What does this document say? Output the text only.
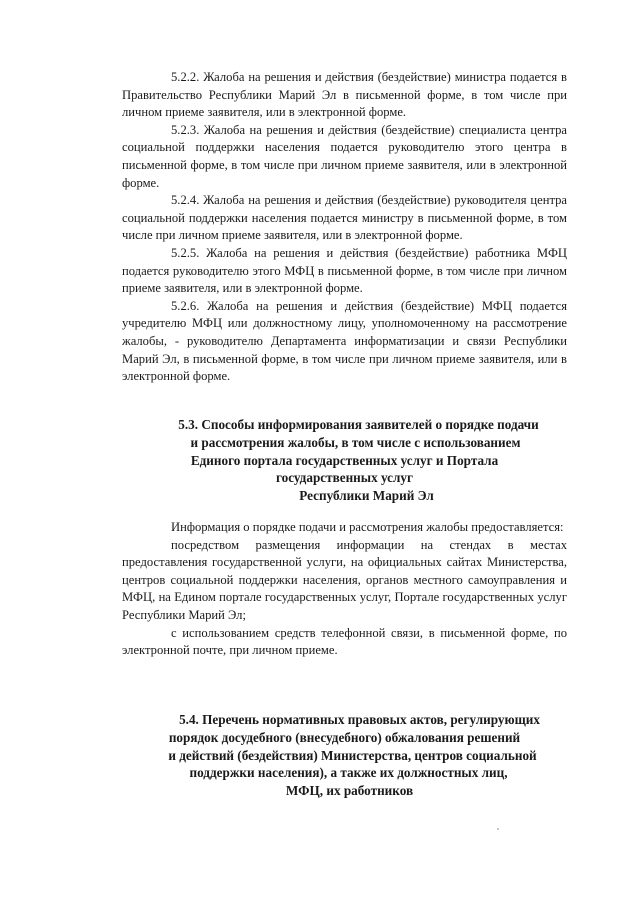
5.2.2. Жалоба на решения и действия (бездействие) министра подается в Правительство Республики Марий Эл в письменной форме, в том числе при личном приеме заявителя, или в электронной форме.

5.2.3. Жалоба на решения и действия (бездействие) специалиста центра социальной поддержки населения подается руководителю этого центра в письменной форме, в том числе при личном приеме заявителя, или в электронной форме.

5.2.4. Жалоба на решения и действия (бездействие) руководителя центра социальной поддержки населения подается министру в письменной форме, в том числе при личном приеме заявителя, или в электронной форме.

5.2.5. Жалоба на решения и действия (бездействие) работника МФЦ подается руководителю этого МФЦ в письменной форме, в том числе при личном приеме заявителя, или в электронной форме.

5.2.6. Жалоба на решения и действия (бездействие) МФЦ подается учредителю МФЦ или должностному лицу, уполномоченному на рассмотрение жалобы, - руководителю Департамента информатизации и связи Республики Марий Эл, в письменной форме, в том числе при личном приеме заявителя, или в электронной форме.

5.3. Способы информирования заявителей о порядке подачи
и рассмотрения жалобы, в том числе с использованием
Единого портала государственных услуг и Портала
государственных услуг
Республики Марий Эл

Информация о порядке подачи и рассмотрения жалобы предоставляется:

посредством размещения информации на стендах в местах предоставления государственной услуги, на официальных сайтах Министерства, центров социальной поддержки населения, органов местного самоуправления и МФЦ, на Едином портале государственных услуг, Портале государственных услуг Республики Марий Эл;

с использованием средств телефонной связи, в письменной форме, по электронной почте, при личном приеме.

5.4. Перечень нормативных правовых актов, регулирующих
порядок досудебного (внесудебного) обжалования решений
и действий (бездействия) Министерства, центров социальной
поддержки населения), а также их должностных лиц,
МФЦ, их работников
